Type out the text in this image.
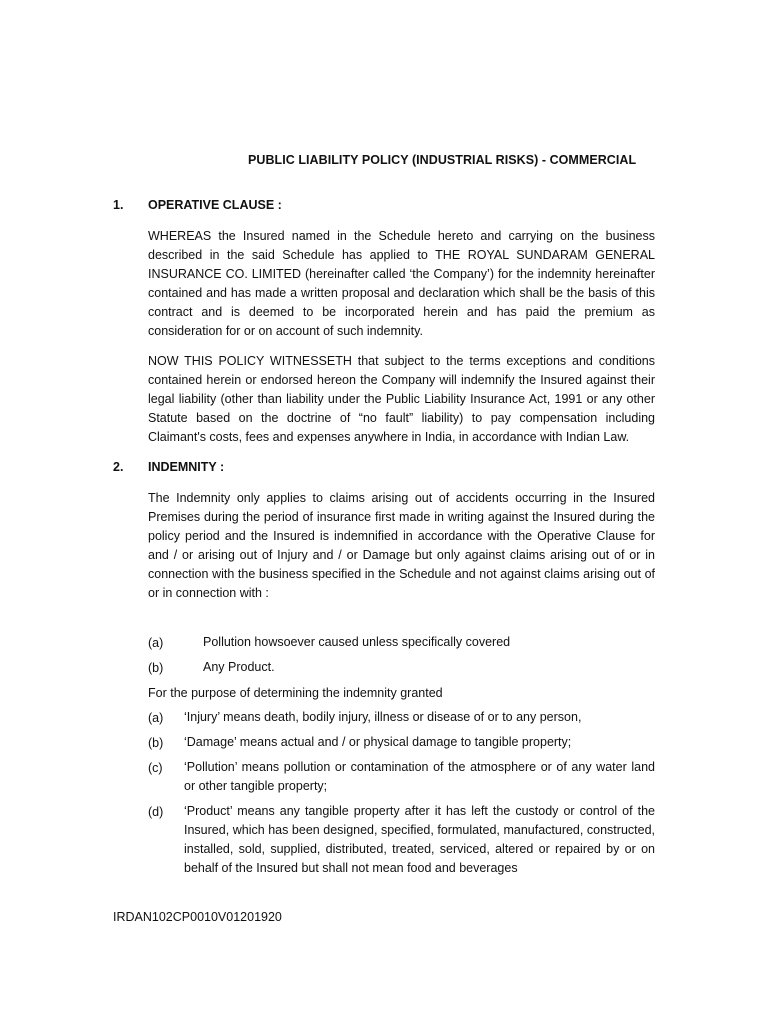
PUBLIC LIABILITY POLICY (INDUSTRIAL RISKS) - COMMERCIAL
1. OPERATIVE CLAUSE :

WHEREAS the Insured named in the Schedule hereto and carrying on the business described in the said Schedule has applied to THE ROYAL SUNDARAM GENERAL INSURANCE CO. LIMITED (hereinafter called ‘the Company’) for the indemnity hereinafter contained and has made a written proposal and declaration which shall be the basis of this contract and is deemed to be incorporated herein and has paid the premium as consideration for or on account of such indemnity.

NOW THIS POLICY WITNESSETH that subject to the terms exceptions and conditions contained herein or endorsed hereon the Company will indemnify the Insured against their legal liability (other than liability under the Public Liability Insurance Act, 1991 or any other Statute based on the doctrine of “no fault” liability) to pay compensation including Claimant's costs, fees and expenses anywhere in India, in accordance with Indian Law.

2. INDEMNITY :

The Indemnity only applies to claims arising out of accidents occurring in the Insured Premises during the period of insurance first made in writing against the Insured during the policy period and the Insured is indemnified in accordance with the Operative Clause for and / or arising out of Injury and / or Damage but only against claims arising out of or in connection with the business specified in the Schedule and not against claims arising out of or in connection with :

(a)	Pollution howsoever caused unless specifically covered

(b)	Any Product.

For the purpose of determining the indemnity granted
(a) ‘Injury’ means death, bodily injury, illness or disease of or to any person,

(b) ‘Damage’ means actual and / or physical damage to tangible property;

(c) ‘Pollution’ means pollution or contamination of the atmosphere or of any water land or other tangible property;

(d) ‘Product’ means any tangible property after it has left the custody or control of the Insured, which has been designed, specified, formulated, manufactured, constructed, installed, sold, supplied, distributed, treated, serviced, altered or repaired by or on behalf of the Insured but shall not mean food and beverages

IRDAN102CP0010V01201920
